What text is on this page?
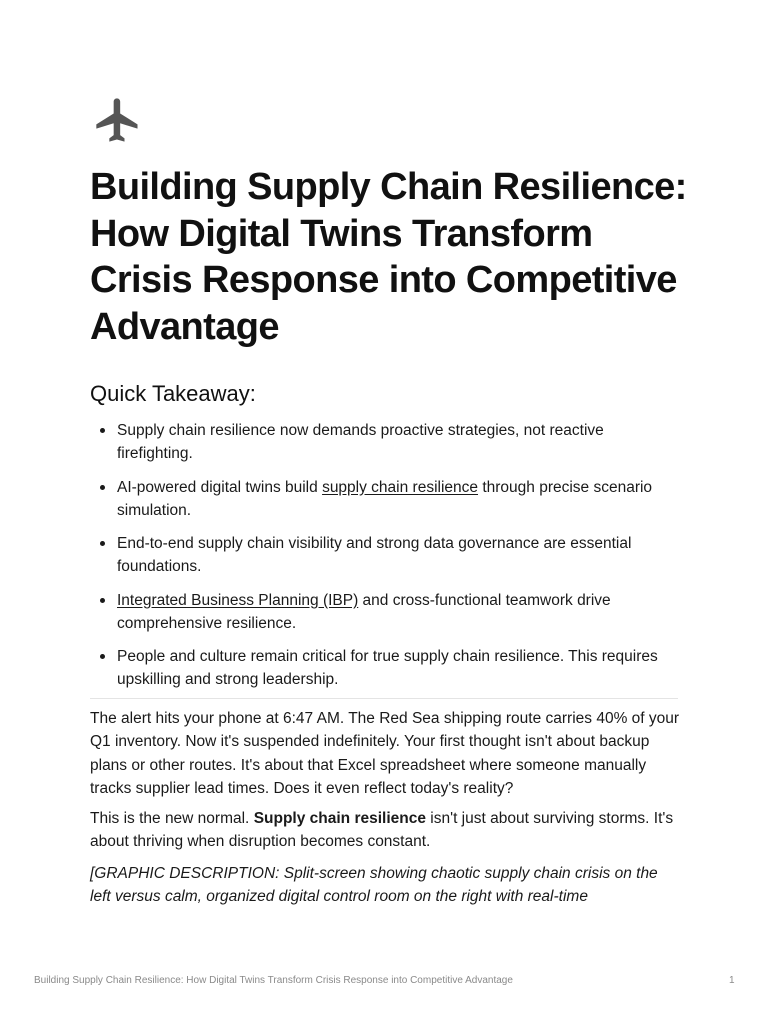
Building Supply Chain Resilience: How Digital Twins Transform Crisis Response into Competitive Advantage
Quick Takeaway:
Supply chain resilience now demands proactive strategies, not reactive firefighting.
AI-powered digital twins build supply chain resilience through precise scenario simulation.
End-to-end supply chain visibility and strong data governance are essential foundations.
Integrated Business Planning (IBP) and cross-functional teamwork drive comprehensive resilience.
People and culture remain critical for true supply chain resilience. This requires upskilling and strong leadership.

The alert hits your phone at 6:47 AM. The Red Sea shipping route carries 40% of your Q1 inventory. Now it's suspended indefinitely. Your first thought isn't about backup plans or other routes. It's about that Excel spreadsheet where someone manually tracks supplier lead times. Does it even reflect today's reality?

This is the new normal. Supply chain resilience isn't just about surviving storms. It's about thriving when disruption becomes constant.

[GRAPHIC DESCRIPTION: Split-screen showing chaotic supply chain crisis on the left versus calm, organized digital control room on the right with real-time

Building Supply Chain Resilience: How Digital Twins Transform Crisis Response into Competitive Advantage	1
